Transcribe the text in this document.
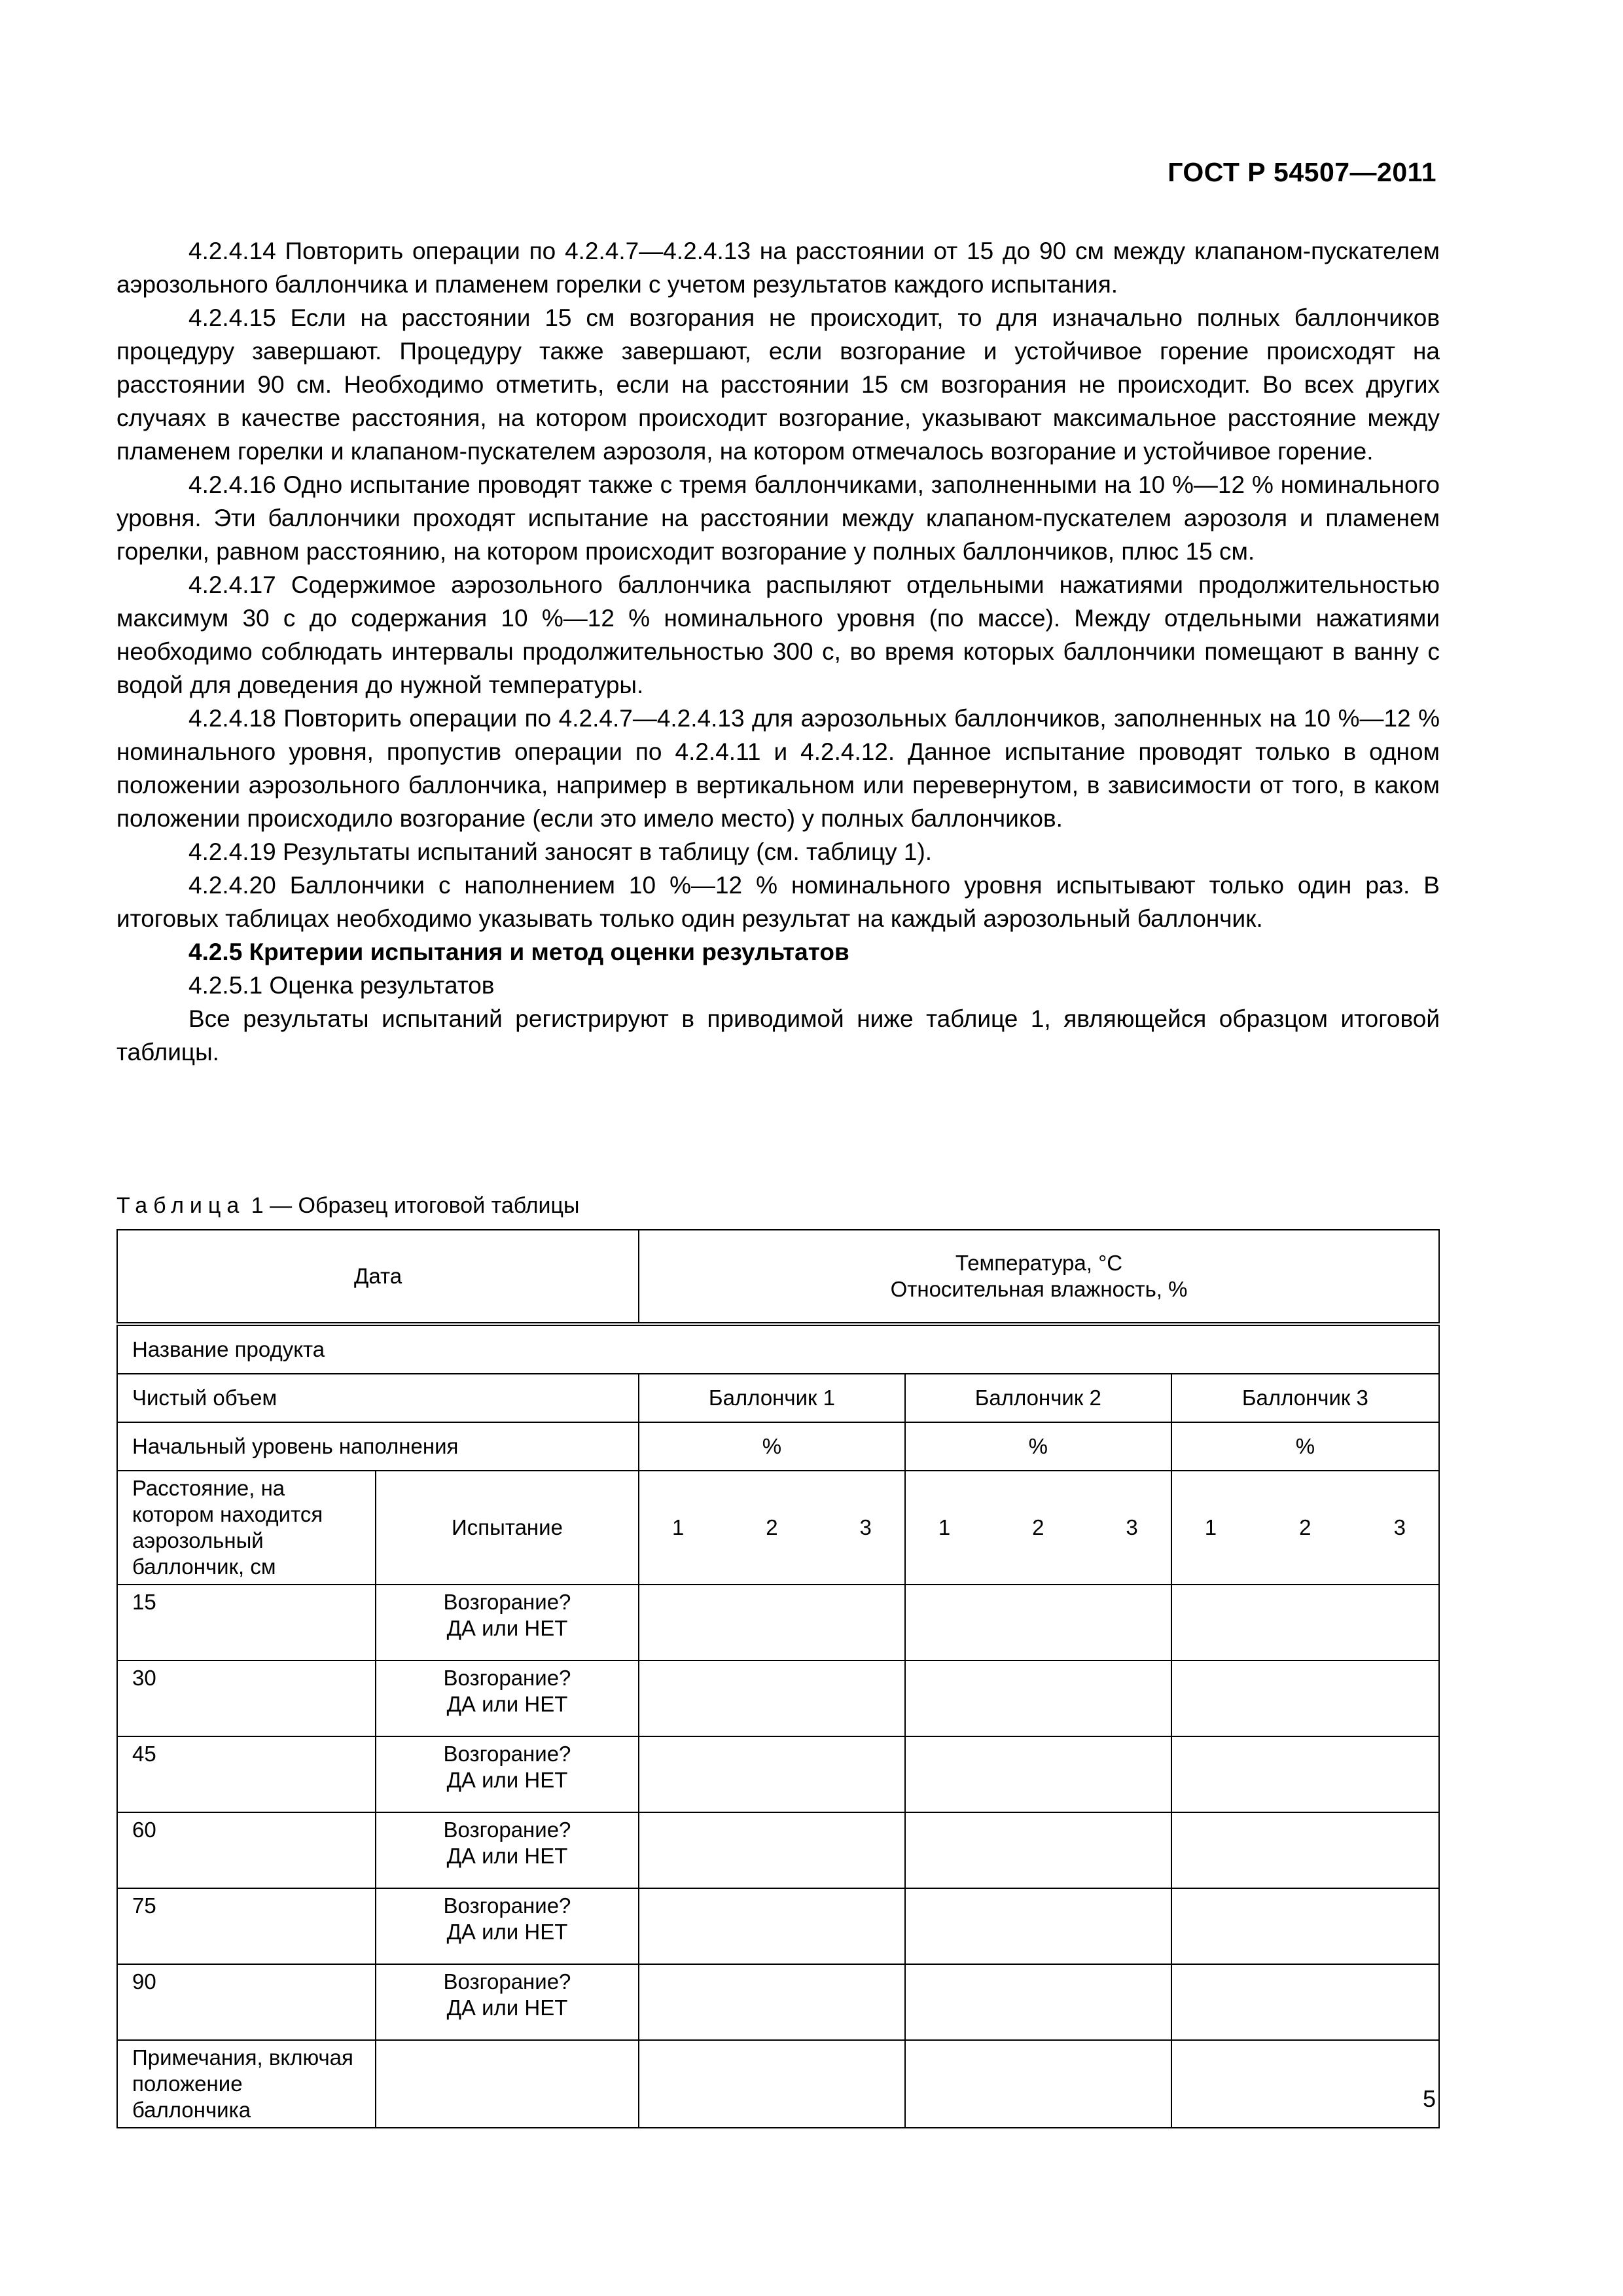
ГОСТ Р 54507—2011

4.2.4.14 Повторить операции по 4.2.4.7—4.2.4.13 на расстоянии от 15 до 90 см между клапаном-пускателем аэрозольного баллончика и пламенем горелки с учетом результатов каждого испытания.

4.2.4.15 Если на расстоянии 15 см возгорания не происходит, то для изначально полных баллончиков процедуру завершают. Процедуру также завершают, если возгорание и устойчивое горение происходят на расстоянии 90 см. Необходимо отметить, если на расстоянии 15 см возгорания не происходит. Во всех других случаях в качестве расстояния, на котором происходит возгорание, указывают максимальное расстояние между пламенем горелки и клапаном-пускателем аэрозоля, на котором отмечалось возгорание и устойчивое горение.

4.2.4.16 Одно испытание проводят также с тремя баллончиками, заполненными на 10 %—12 % номинального уровня. Эти баллончики проходят испытание на расстоянии между клапаном-пускателем аэрозоля и пламенем горелки, равном расстоянию, на котором происходит возгорание у полных баллончиков, плюс 15 см.

4.2.4.17 Содержимое аэрозольного баллончика распыляют отдельными нажатиями продолжительностью максимум 30 с до содержания 10 %—12 % номинального уровня (по массе). Между отдельными нажатиями необходимо соблюдать интервалы продолжительностью 300 с, во время которых баллончики помещают в ванну с водой для доведения до нужной температуры.

4.2.4.18 Повторить операции по 4.2.4.7—4.2.4.13 для аэрозольных баллончиков, заполненных на 10 %—12 % номинального уровня, пропустив операции по 4.2.4.11 и 4.2.4.12. Данное испытание проводят только в одном положении аэрозольного баллончика, например в вертикальном или перевернутом, в зависимости от того, в каком положении происходило возгорание (если это имело место) у полных баллончиков.

4.2.4.19 Результаты испытаний заносят в таблицу (см. таблицу 1).

4.2.4.20 Баллончики с наполнением 10 %—12 % номинального уровня испытывают только один раз. В итоговых таблицах необходимо указывать только один результат на каждый аэрозольный баллончик.

4.2.5 Критерии испытания и метод оценки результатов

4.2.5.1 Оценка результатов

Все результаты испытаний регистрируют в приводимой ниже таблице 1, являющейся образцом итоговой таблицы.

Таблица 1 — Образец итоговой таблицы
Дата		Температура, °С
Относительная влажность, %		

Название продукта				
Чистый объем		Баллончик 1	Баллончик 2	Баллончик 3
Начальный уровень наполнения		%	%	%
Расстояние, на котором находится аэрозольный баллончик, см	Испытание	1 2 3	1 2 3	1 2 3

15	Возгорание?
ДА или НЕТ			

30	Возгорание?
ДА или НЕТ			

45	Возгорание?
ДА или НЕТ			

60	Возгорание?
ДА или НЕТ			

75	Возгорание?
ДА или НЕТ			

90	Возгорание?
ДА или НЕТ			

Примечания, включая положение баллончика					5
